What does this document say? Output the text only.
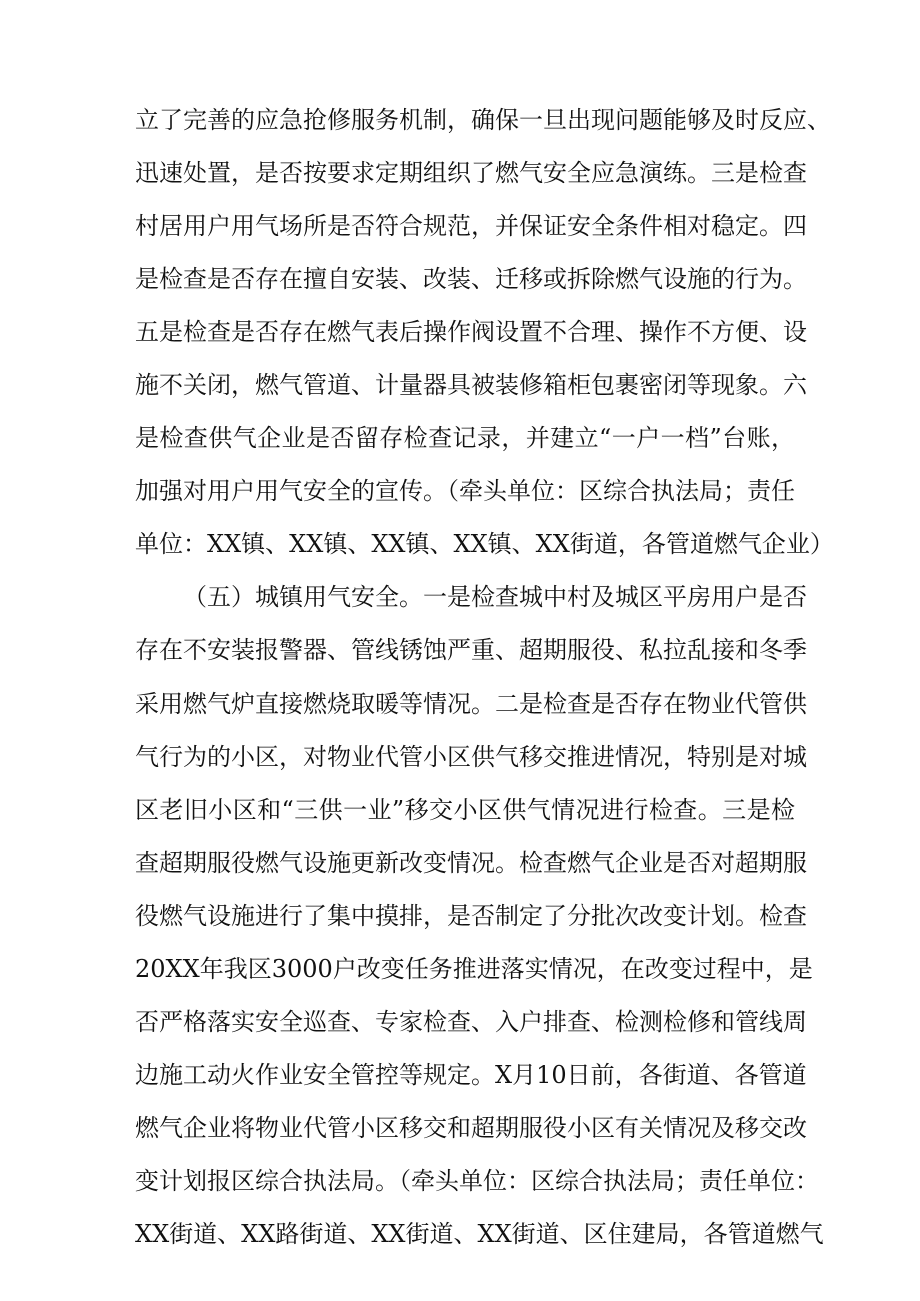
立了完善的应急抢修服务机制，确保一旦出现问题能够及时反应、
迅速处置，是否按要求定期组织了燃气安全应急演练。三是检查
村居用户用气场所是否符合规范，并保证安全条件相对稳定。四
是检查是否存在擅自安装、改装、迁移或拆除燃气设施的行为。
五是检查是否存在燃气表后操作阀设置不合理、操作不方便、设
施不关闭，燃气管道、计量器具被装修箱柜包裹密闭等现象。六
是检查供气企业是否留存检查记录，并建立“一户一档”台账，
加强对用户用气安全的宣传。（牵头单位：区综合执法局；责任
单位：XX镇、XX镇、XX镇、XX镇、XX街道，各管道燃气企业）
（五）城镇用气安全。一是检查城中村及城区平房用户是否
存在不安装报警器、管线锈蚀严重、超期服役、私拉乱接和冬季
采用燃气炉直接燃烧取暖等情况。二是检查是否存在物业代管供
气行为的小区，对物业代管小区供气移交推进情况，特别是对城
区老旧小区和“三供一业”移交小区供气情况进行检查。三是检
查超期服役燃气设施更新改变情况。检查燃气企业是否对超期服
役燃气设施进行了集中摸排，是否制定了分批次改变计划。检查
20XX年我区3000户改变任务推进落实情况，在改变过程中，是
否严格落实安全巡查、专家检查、入户排查、检测检修和管线周
边施工动火作业安全管控等规定。X月10日前，各街道、各管道
燃气企业将物业代管小区移交和超期服役小区有关情况及移交改
变计划报区综合执法局。（牵头单位：区综合执法局；责任单位：
XX街道、XX路街道、XX街道、XX街道、区住建局，各管道燃气
